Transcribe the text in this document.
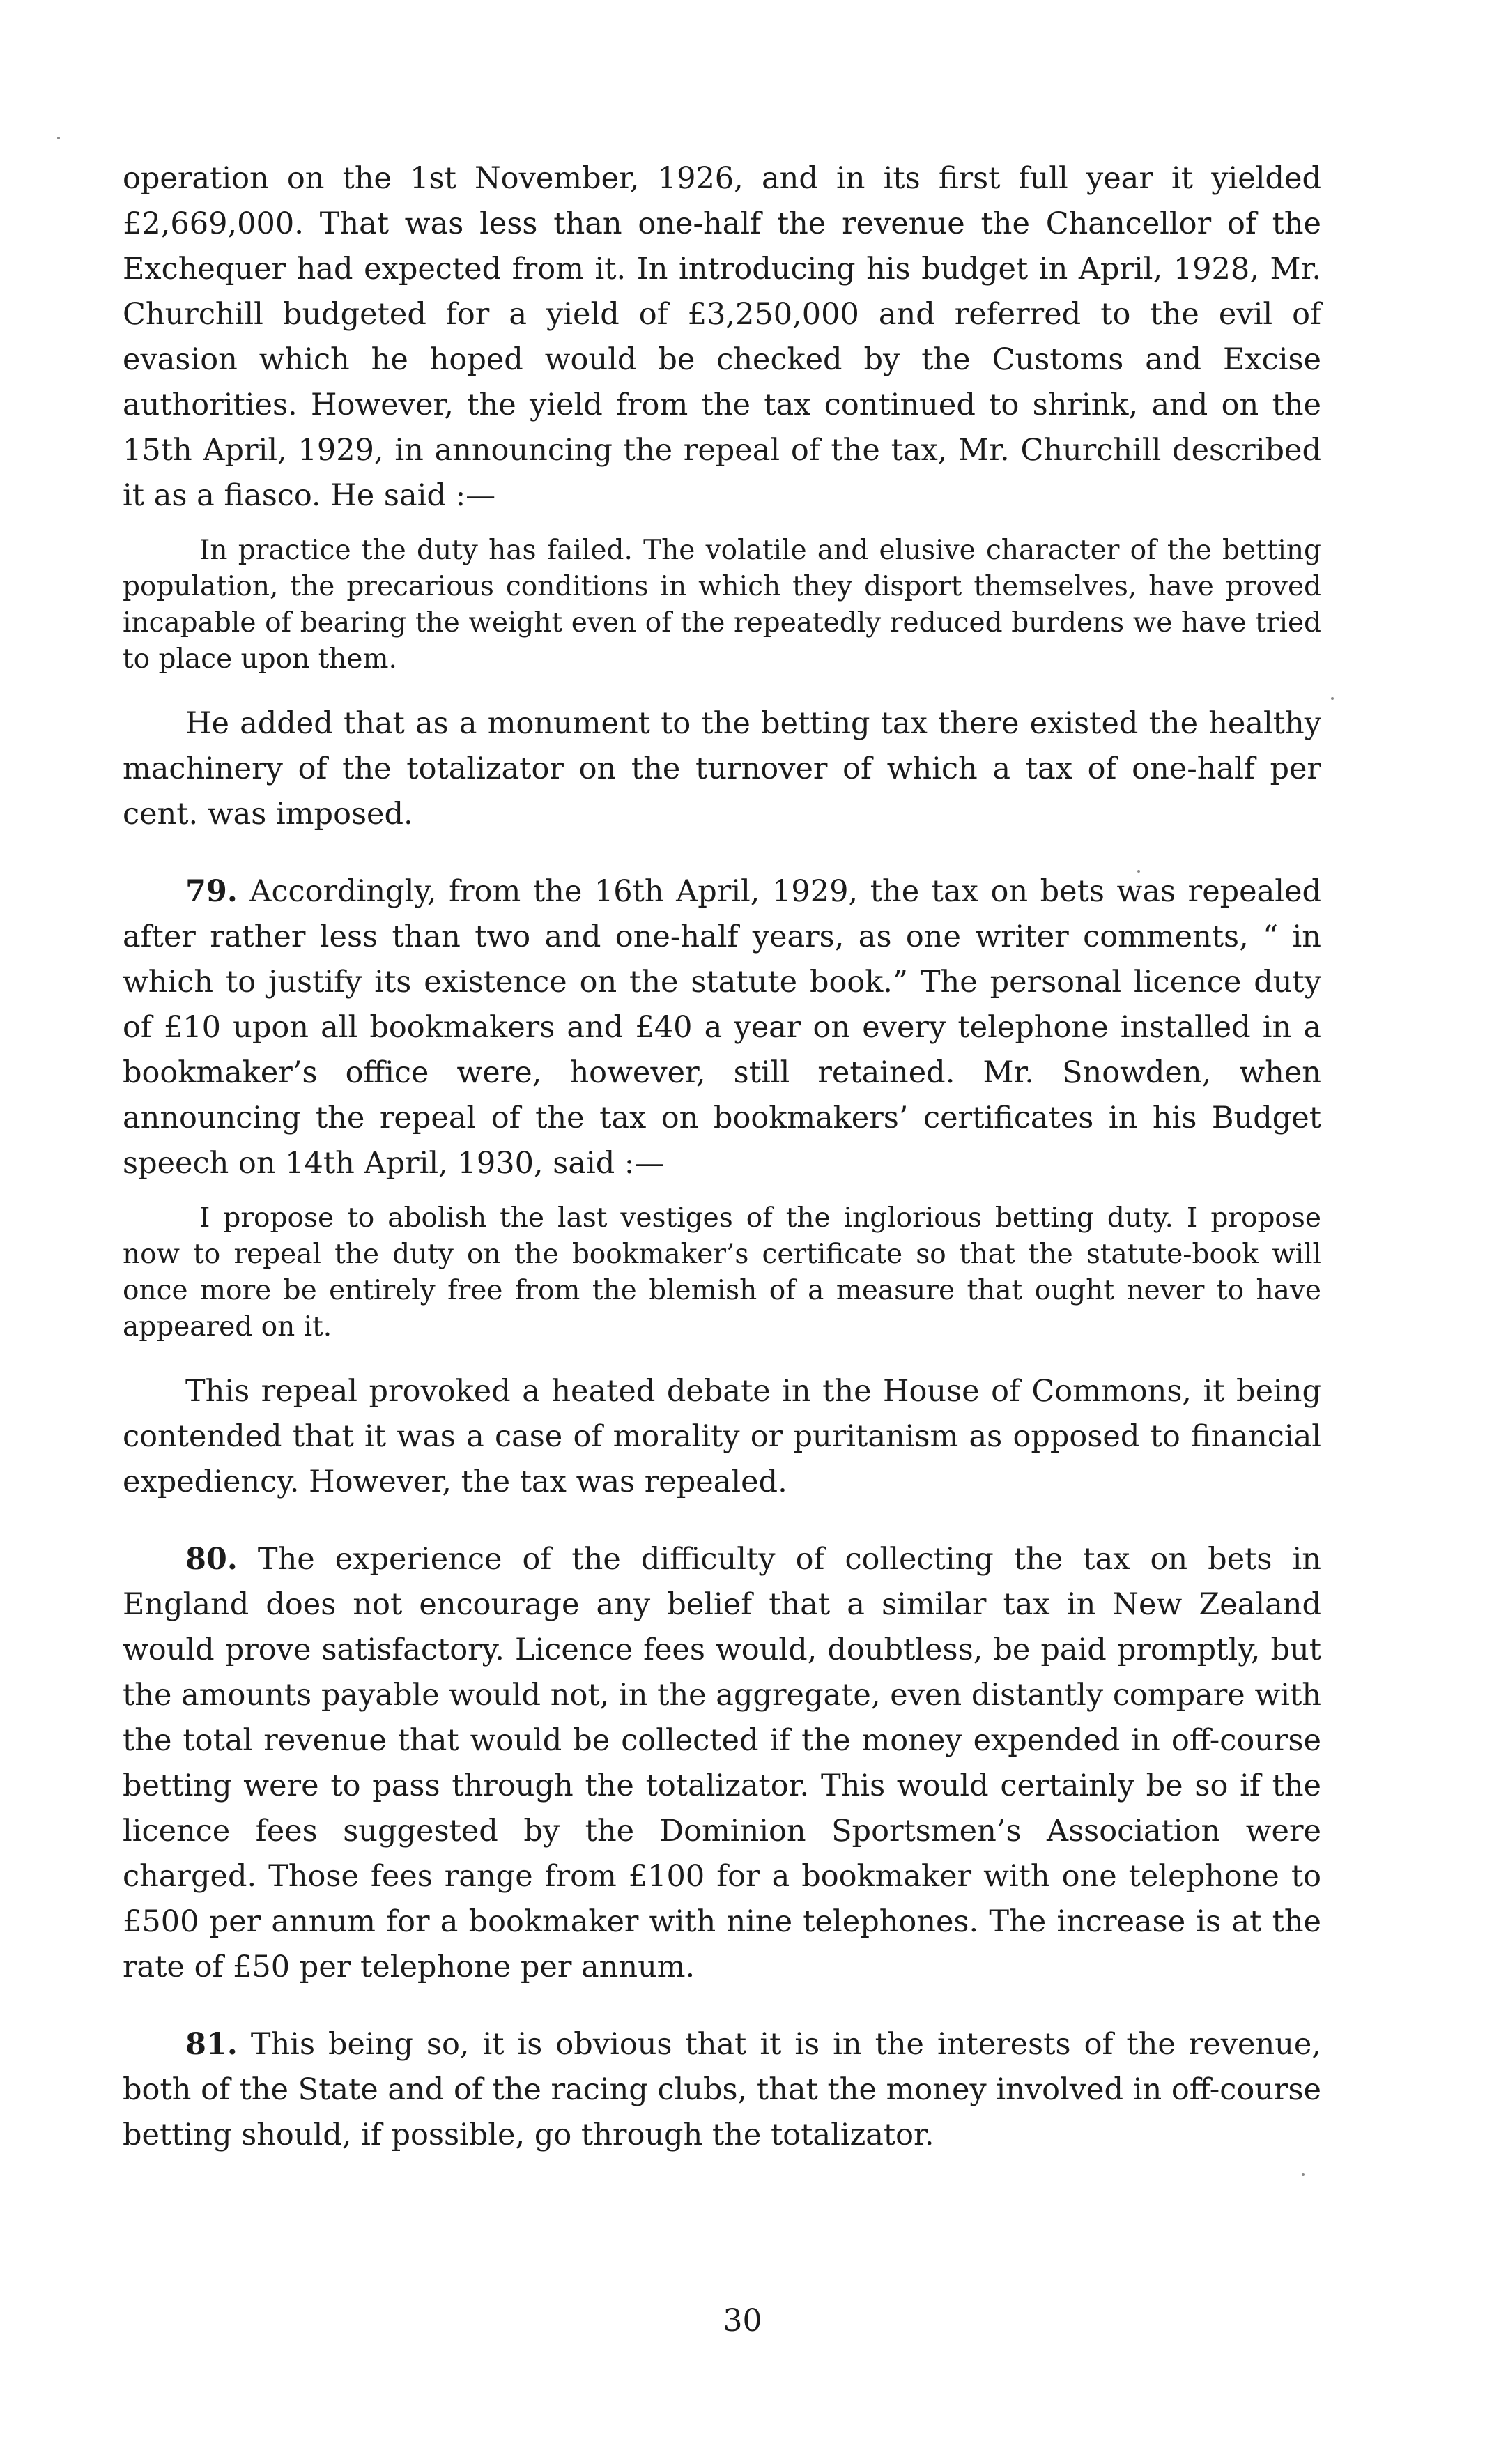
operation on the 1st November, 1926, and in its first full year it yielded £2,669,000. That was less than one-half the revenue the Chancellor of the Exchequer had expected from it. In introducing his budget in April, 1928, Mr. Churchill budgeted for a yield of £3,250,000 and referred to the evil of evasion which he hoped would be checked by the Customs and Excise authorities. However, the yield from the tax continued to shrink, and on the 15th April, 1929, in announcing the repeal of the tax, Mr. Churchill described it as a fiasco. He said :—

In practice the duty has failed. The volatile and elusive character of the betting population, the precarious conditions in which they disport themselves, have proved incapable of bearing the weight even of the repeatedly reduced burdens we have tried to place upon them.

He added that as a monument to the betting tax there existed the healthy machinery of the totalizator on the turnover of which a tax of one-half per cent. was imposed.

79. Accordingly, from the 16th April, 1929, the tax on bets was repealed after rather less than two and one-half years, as one writer comments, “ in which to justify its existence on the statute book.” The personal licence duty of £10 upon all bookmakers and £40 a year on every telephone installed in a bookmaker’s office were, however, still retained. Mr. Snowden, when announcing the repeal of the tax on bookmakers’ certificates in his Budget speech on 14th April, 1930, said :—

I propose to abolish the last vestiges of the inglorious betting duty. I propose now to repeal the duty on the bookmaker’s certificate so that the statute-book will once more be entirely free from the blemish of a measure that ought never to have appeared on it.

This repeal provoked a heated debate in the House of Commons, it being contended that it was a case of morality or puritanism as opposed to financial expediency. However, the tax was repealed.

80. The experience of the difficulty of collecting the tax on bets in England does not encourage any belief that a similar tax in New Zealand would prove satisfactory. Licence fees would, doubtless, be paid promptly, but the amounts payable would not, in the aggregate, even distantly compare with the total revenue that would be collected if the money expended in off-course betting were to pass through the totalizator. This would certainly be so if the licence fees suggested by the Dominion Sportsmen’s Association were charged. Those fees range from £100 for a bookmaker with one telephone to £500 per annum for a bookmaker with nine telephones. The increase is at the rate of £50 per telephone per annum.

81. This being so, it is obvious that it is in the interests of the revenue, both of the State and of the racing clubs, that the money involved in off-course betting should, if possible, go through the totalizator.

30
